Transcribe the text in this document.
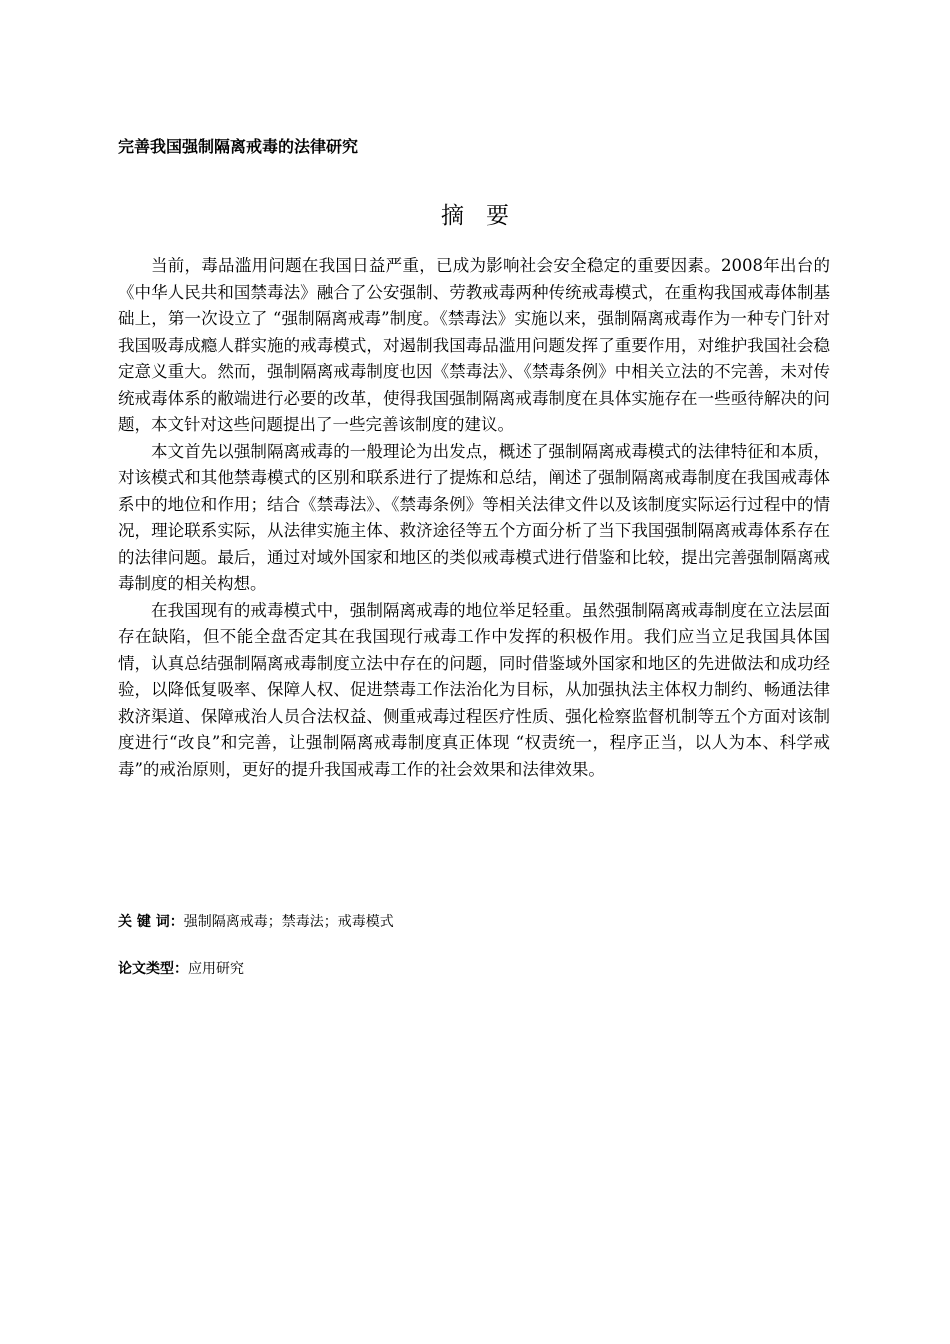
完善我国强制隔离戒毒的法律研究
摘要

当前，毒品滥用问题在我国日益严重，已成为影响社会安全稳定的重要因素。2008年出台的《中华人民共和国禁毒法》融合了公安强制、劳教戒毒两种传统戒毒模式，在重构我国戒毒体制基础上，第一次设立了 “强制隔离戒毒”制度。《禁毒法》实施以来，强制隔离戒毒作为一种专门针对我国吸毒成瘾人群实施的戒毒模式，对遏制我国毒品滥用问题发挥了重要作用，对维护我国社会稳定意义重大。然而，强制隔离戒毒制度也因《禁毒法》、《禁毒条例》中相关立法的不完善，未对传统戒毒体系的敝端进行必要的改革，使得我国强制隔离戒毒制度在具体实施存在一些亟待解决的问题，本文针对这些问题提出了一些完善该制度的建议。

本文首先以强制隔离戒毒的一般理论为出发点，概述了强制隔离戒毒模式的法律特征和本质，对该模式和其他禁毒模式的区别和联系进行了提炼和总结，阐述了强制隔离戒毒制度在我国戒毒体系中的地位和作用；结合《禁毒法》、《禁毒条例》等相关法律文件以及该制度实际运行过程中的情况，理论联系实际，从法律实施主体、救济途径等五个方面分析了当下我国强制隔离戒毒体系存在的法律问题。最后，通过对域外国家和地区的类似戒毒模式进行借鉴和比较，提出完善强制隔离戒毒制度的相关构想。

在我国现有的戒毒模式中，强制隔离戒毒的地位举足轻重。虽然强制隔离戒毒制度在立法层面存在缺陷，但不能全盘否定其在我国现行戒毒工作中发挥的积极作用。我们应当立足我国具体国情，认真总结强制隔离戒毒制度立法中存在的问题，同时借鉴域外国家和地区的先进做法和成功经验，以降低复吸率、保障人权、促进禁毒工作法治化为目标，从加强执法主体权力制约、畅通法律救济渠道、保障戒治人员合法权益、侧重戒毒过程医疗性质、强化检察监督机制等五个方面对该制度进行“改良”和完善，让强制隔离戒毒制度真正体现 “权责统一，程序正当，以人为本、科学戒毒”的戒治原则，更好的提升我国戒毒工作的社会效果和法律效果。

关 键 词：强制隔离戒毒；禁毒法；戒毒模式
论文类型：应用研究
